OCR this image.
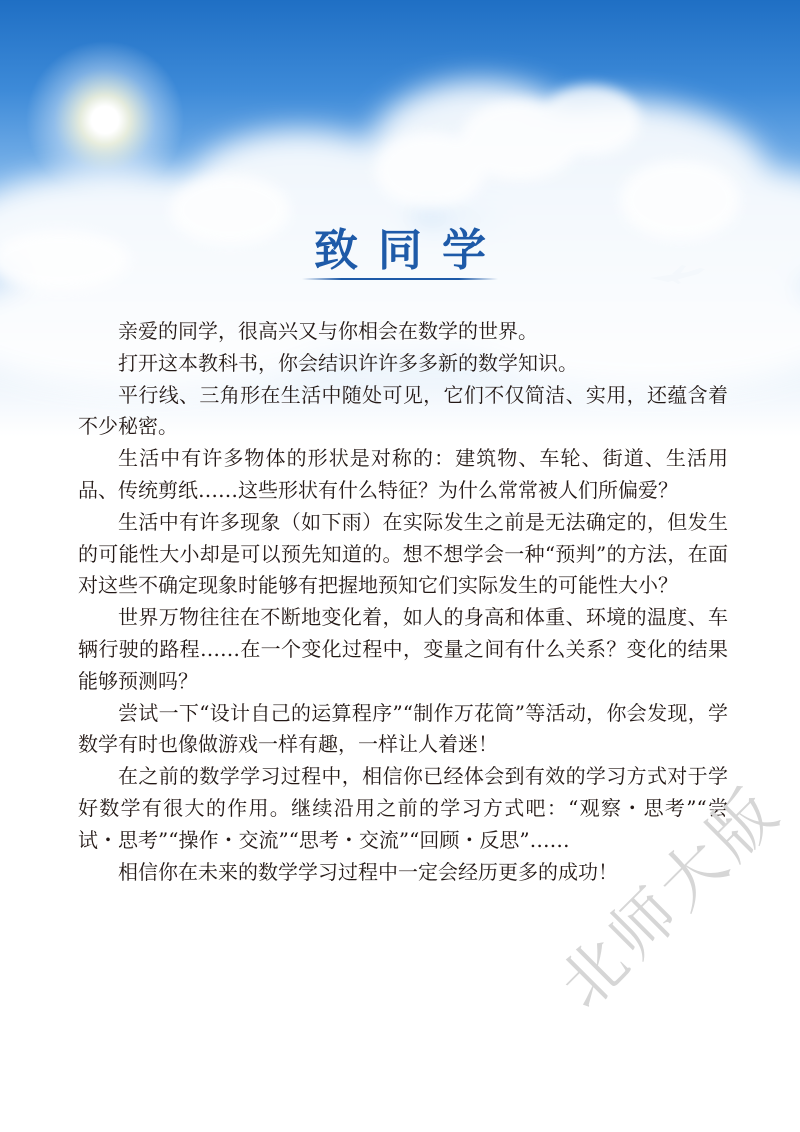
致同学

亲爱的同学，很高兴又与你相会在数学的世界。

打开这本教科书，你会结识许许多多新的数学知识。

平行线、三角形在生活中随处可见，它们不仅简洁、实用，还蕴含着不少秘密。

生活中有许多物体的形状是对称的：建筑物、车轮、街道、生活用品、传统剪纸……这些形状有什么特征？为什么常常被人们所偏爱？

生活中有许多现象（如下雨）在实际发生之前是无法确定的，但发生的可能性大小却是可以预先知道的。想不想学会一种“预判”的方法，在面对这些不确定现象时能够有把握地预知它们实际发生的可能性大小？

世界万物往往在不断地变化着，如人的身高和体重、环境的温度、车辆行驶的路程……在一个变化过程中，变量之间有什么关系？变化的结果能够预测吗？

尝试一下“设计自己的运算程序”“制作万花筒”等活动，你会发现，学数学有时也像做游戏一样有趣，一样让人着迷！

在之前的数学学习过程中，相信你已经体会到有效的学习方式对于学好数学有很大的作用。继续沿用之前的学习方式吧：“观察・思考”“尝试・思考”“操作・交流”“思考・交流”“回顾・反思”……

相信你在未来的数学学习过程中一定会经历更多的成功！

北师大版
